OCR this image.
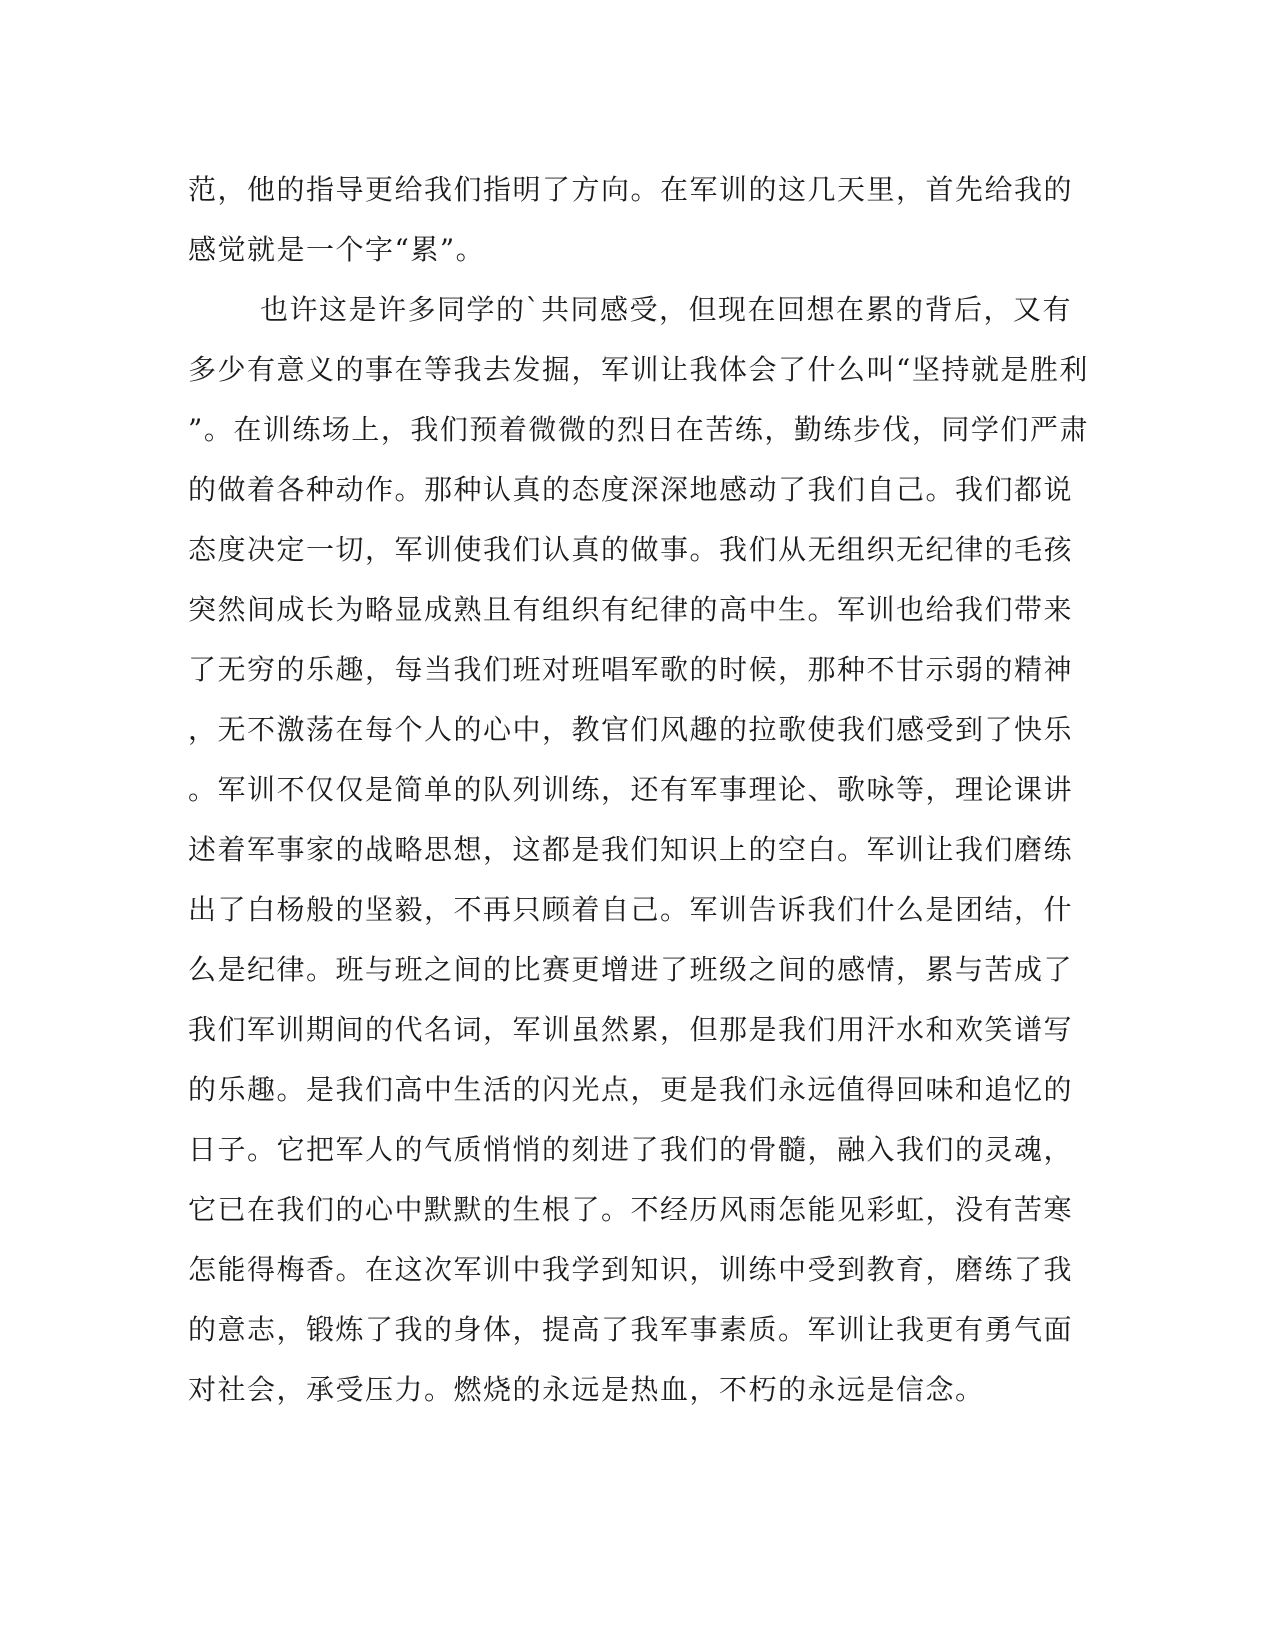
范，他的指导更给我们指明了方向。在军训的这几天里，首先给我的
感觉就是一个字“累”。
也许这是许多同学的`共同感受，但现在回想在累的背后，又有
多少有意义的事在等我去发掘，军训让我体会了什么叫“坚持就是胜利
”。在训练场上，我们预着微微的烈日在苦练，勤练步伐，同学们严肃
的做着各种动作。那种认真的态度深深地感动了我们自己。我们都说
态度决定一切，军训使我们认真的做事。我们从无组织无纪律的毛孩
突然间成长为略显成熟且有组织有纪律的高中生。军训也给我们带来
了无穷的乐趣，每当我们班对班唱军歌的时候，那种不甘示弱的精神
，无不激荡在每个人的心中，教官们风趣的拉歌使我们感受到了快乐
。军训不仅仅是简单的队列训练，还有军事理论、歌咏等，理论课讲
述着军事家的战略思想，这都是我们知识上的空白。军训让我们磨练
出了白杨般的坚毅，不再只顾着自己。军训告诉我们什么是团结，什
么是纪律。班与班之间的比赛更增进了班级之间的感情，累与苦成了
我们军训期间的代名词，军训虽然累，但那是我们用汗水和欢笑谱写
的乐趣。是我们高中生活的闪光点，更是我们永远值得回味和追忆的
日子。它把军人的气质悄悄的刻进了我们的骨髓，融入我们的灵魂，
它已在我们的心中默默的生根了。不经历风雨怎能见彩虹，没有苦寒
怎能得梅香。在这次军训中我学到知识，训练中受到教育，磨练了我
的意志，锻炼了我的身体，提高了我军事素质。军训让我更有勇气面
对社会，承受压力。燃烧的永远是热血，不朽的永远是信念。
